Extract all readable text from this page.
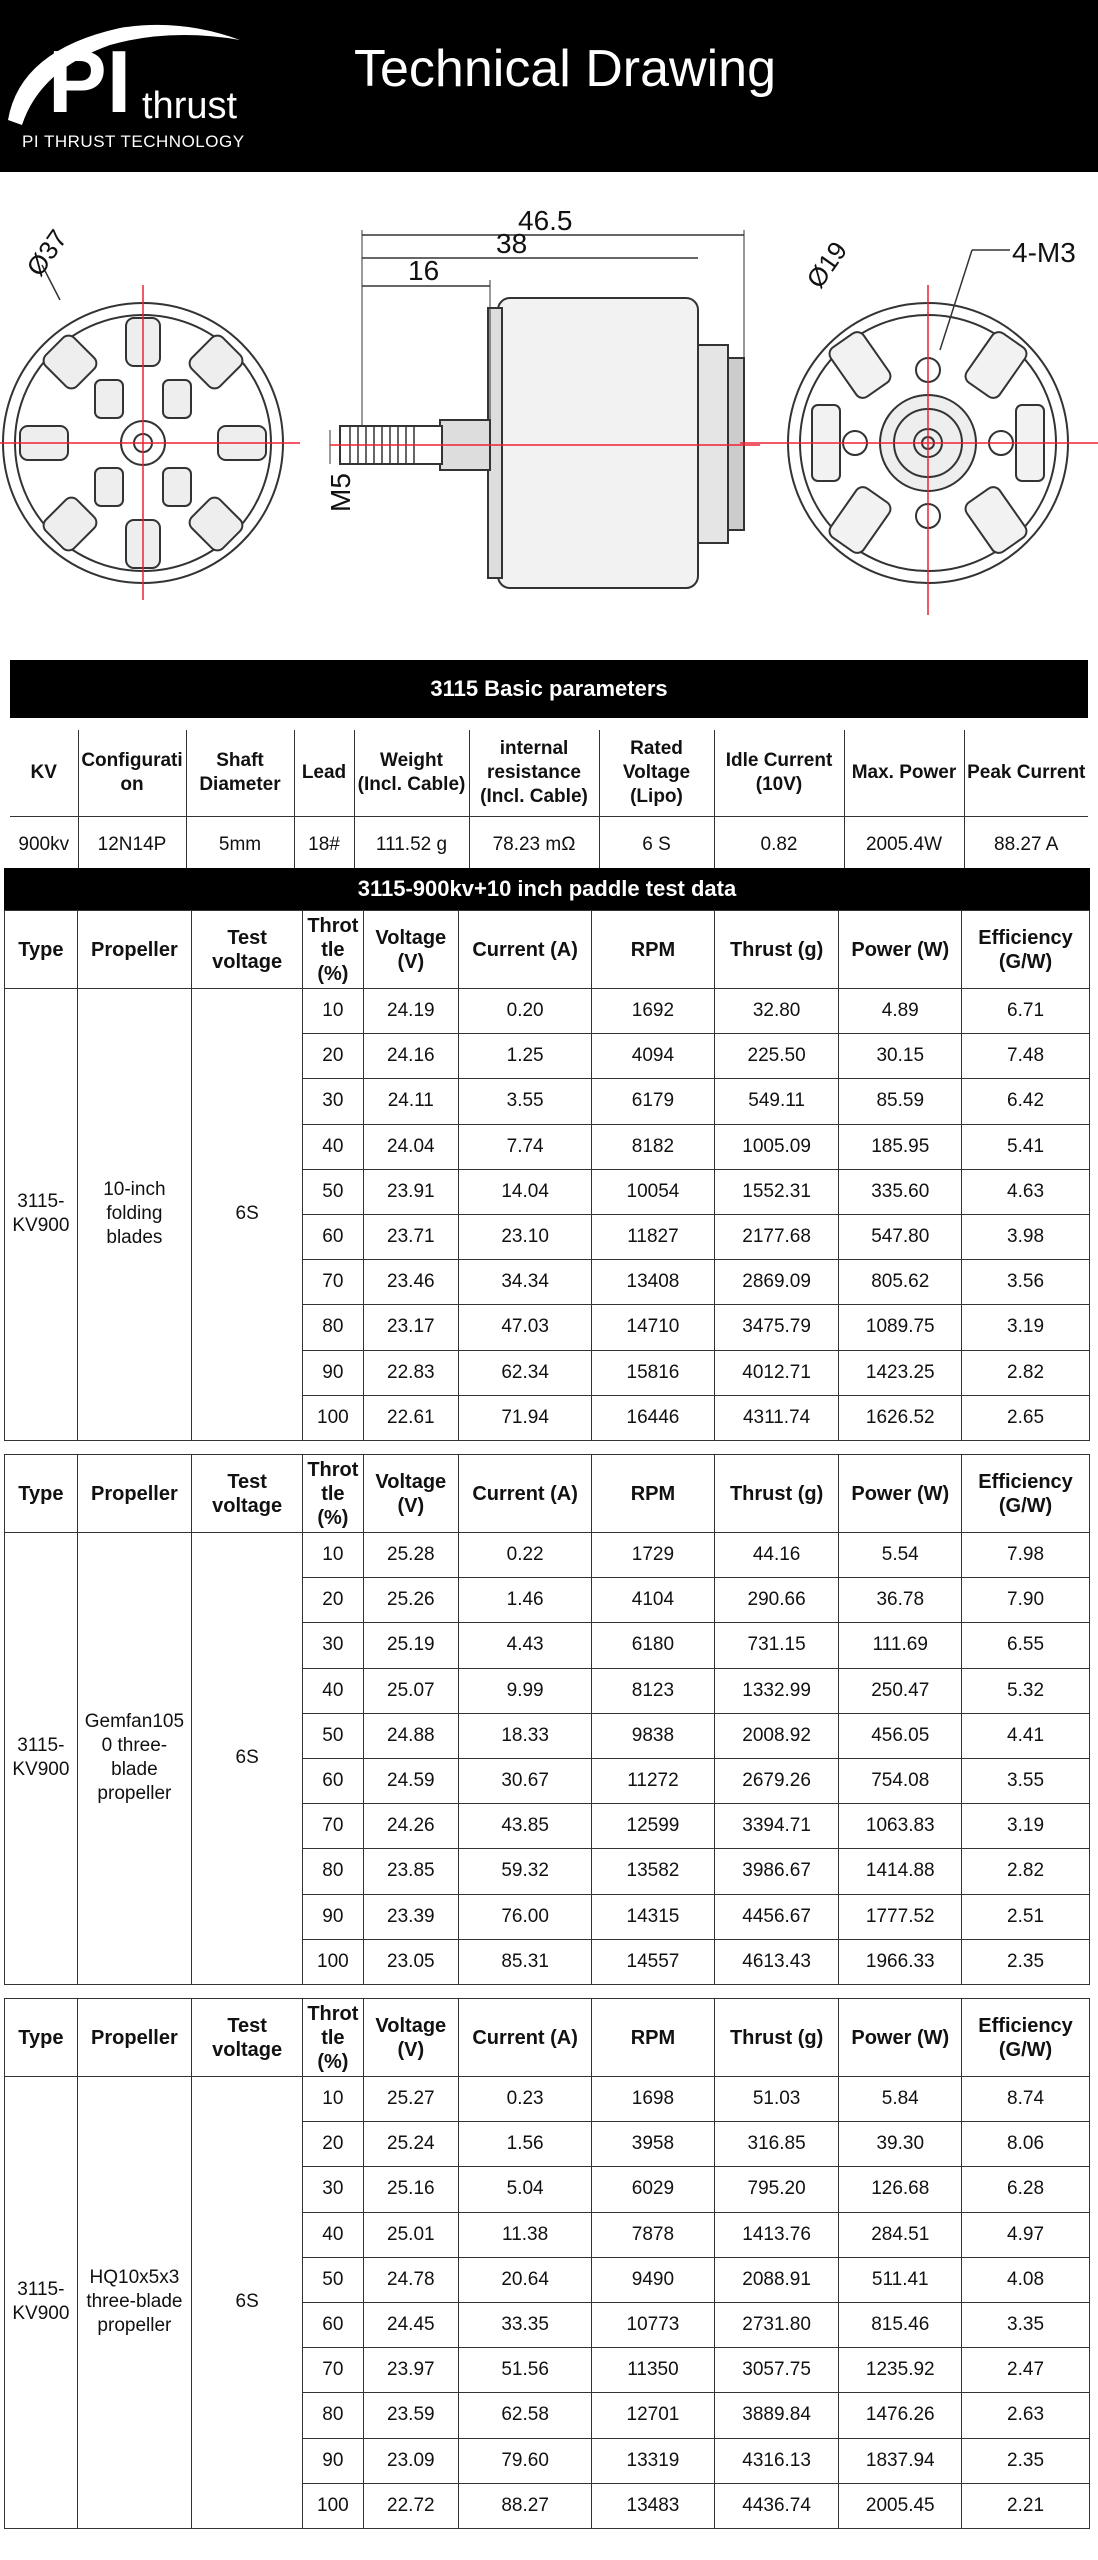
PI thrust
PI THRUST TECHNOLOGY
Technical Drawing
Ø37
46.5
38
16
M5
4-M3
Ø19
3115 Basic parameters
KV	Configuration	Shaft Diameter	Lead	Weight (Incl. Cable)	internal resistance (Incl. Cable)	Rated Voltage (Lipo)	Idle Current (10V)	Max. Power	Peak Current
900kv	12N14P	5mm	18#	111.52 g	78.23 mΩ	6 S	0.82	2005.4W	88.27 A
3115-900kv+10 inch paddle test data
Type	Propeller	Test voltage	Throttle (%)	Voltage (V)	Current (A)	RPM	Thrust (g)	Power (W)	Efficiency (G/W)
3115-KV900	10-inch folding blades	6S	10	24.19	0.20	1692	32.80	4.89	6.71
			20	24.16	1.25	4094	225.50	30.15	7.48
			30	24.11	3.55	6179	549.11	85.59	6.42
			40	24.04	7.74	8182	1005.09	185.95	5.41
			50	23.91	14.04	10054	1552.31	335.60	4.63
			60	23.71	23.10	11827	2177.68	547.80	3.98
			70	23.46	34.34	13408	2869.09	805.62	3.56
			80	23.17	47.03	14710	3475.79	1089.75	3.19
			90	22.83	62.34	15816	4012.71	1423.25	2.82
			100	22.61	71.94	16446	4311.74	1626.52	2.65
Type	Propeller	Test voltage	Throttle (%)	Voltage (V)	Current (A)	RPM	Thrust (g)	Power (W)	Efficiency (G/W)
3115-KV900	Gemfan1050 three-blade propeller	6S	10	25.28	0.22	1729	44.16	5.54	7.98
			20	25.26	1.46	4104	290.66	36.78	7.90
			30	25.19	4.43	6180	731.15	111.69	6.55
			40	25.07	9.99	8123	1332.99	250.47	5.32
			50	24.88	18.33	9838	2008.92	456.05	4.41
			60	24.59	30.67	11272	2679.26	754.08	3.55
			70	24.26	43.85	12599	3394.71	1063.83	3.19
			80	23.85	59.32	13582	3986.67	1414.88	2.82
			90	23.39	76.00	14315	4456.67	1777.52	2.51
			100	23.05	85.31	14557	4613.43	1966.33	2.35
Type	Propeller	Test voltage	Throttle (%)	Voltage (V)	Current (A)	RPM	Thrust (g)	Power (W)	Efficiency (G/W)
3115-KV900	HQ10x5x3 three-blade propeller	6S	10	25.27	0.23	1698	51.03	5.84	8.74
			20	25.24	1.56	3958	316.85	39.30	8.06
			30	25.16	5.04	6029	795.20	126.68	6.28
			40	25.01	11.38	7878	1413.76	284.51	4.97
			50	24.78	20.64	9490	2088.91	511.41	4.08
			60	24.45	33.35	10773	2731.80	815.46	3.35
			70	23.97	51.56	11350	3057.75	1235.92	2.47
			80	23.59	62.58	12701	3889.84	1476.26	2.63
			90	23.09	79.60	13319	4316.13	1837.94	2.35
			100	22.72	88.27	13483	4436.74	2005.45	2.21
